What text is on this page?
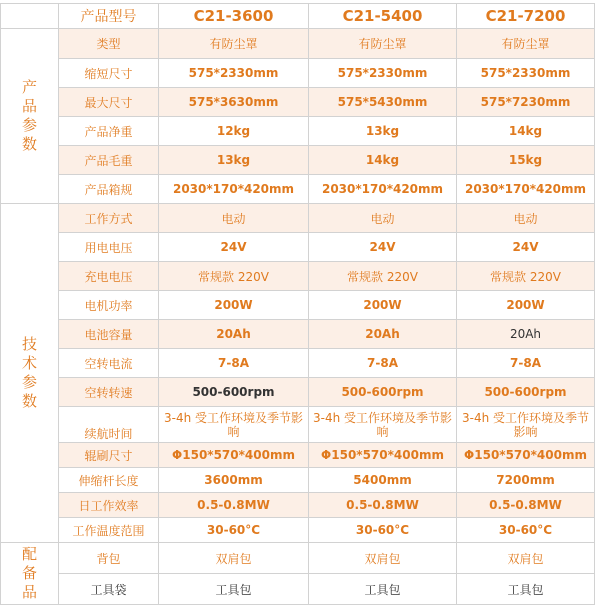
	产品型号	C21-3600	C21-5400	C21-7200
产
品
参
数	类型	有防尘罩	有防尘罩	有防尘罩
	缩短尺寸	575*2330mm	575*2330mm	575*2330mm
	最大尺寸	575*3630mm	575*5430mm	575*7230mm
	产品净重	12kg	13kg	14kg
	产品毛重	13kg	14kg	15kg
	产品箱规	2030*170*420mm	2030*170*420mm	2030*170*420mm
技
术
参
数	工作方式	电动	电动	电动
	用电电压	24V	24V	24V
	充电电压	常规款 220V	常规款 220V	常规款 220V
	电机功率	200W	200W	200W
	电池容量	20Ah	20Ah	20Ah
	空转电流	7-8A	7-8A	7-8A
	空转转速	500-600rpm	500-600rpm	500-600rpm
	续航时间	3-4h 受工作环境及季节影响	3-4h 受工作环境及季节影响	3-4h 受工作环境及季节影响
	辊刷尺寸	Φ150*570*400mm	Φ150*570*400mm	Φ150*570*400mm
	伸缩杆长度	3600mm	5400mm	7200mm
	日工作效率	0.5-0.8MW	0.5-0.8MW	0.5-0.8MW
	工作温度范围	30-60°C	30-60°C	30-60°C
配
备
品	背包	双肩包	双肩包	双肩包
	工具袋	工具包	工具包	工具包
